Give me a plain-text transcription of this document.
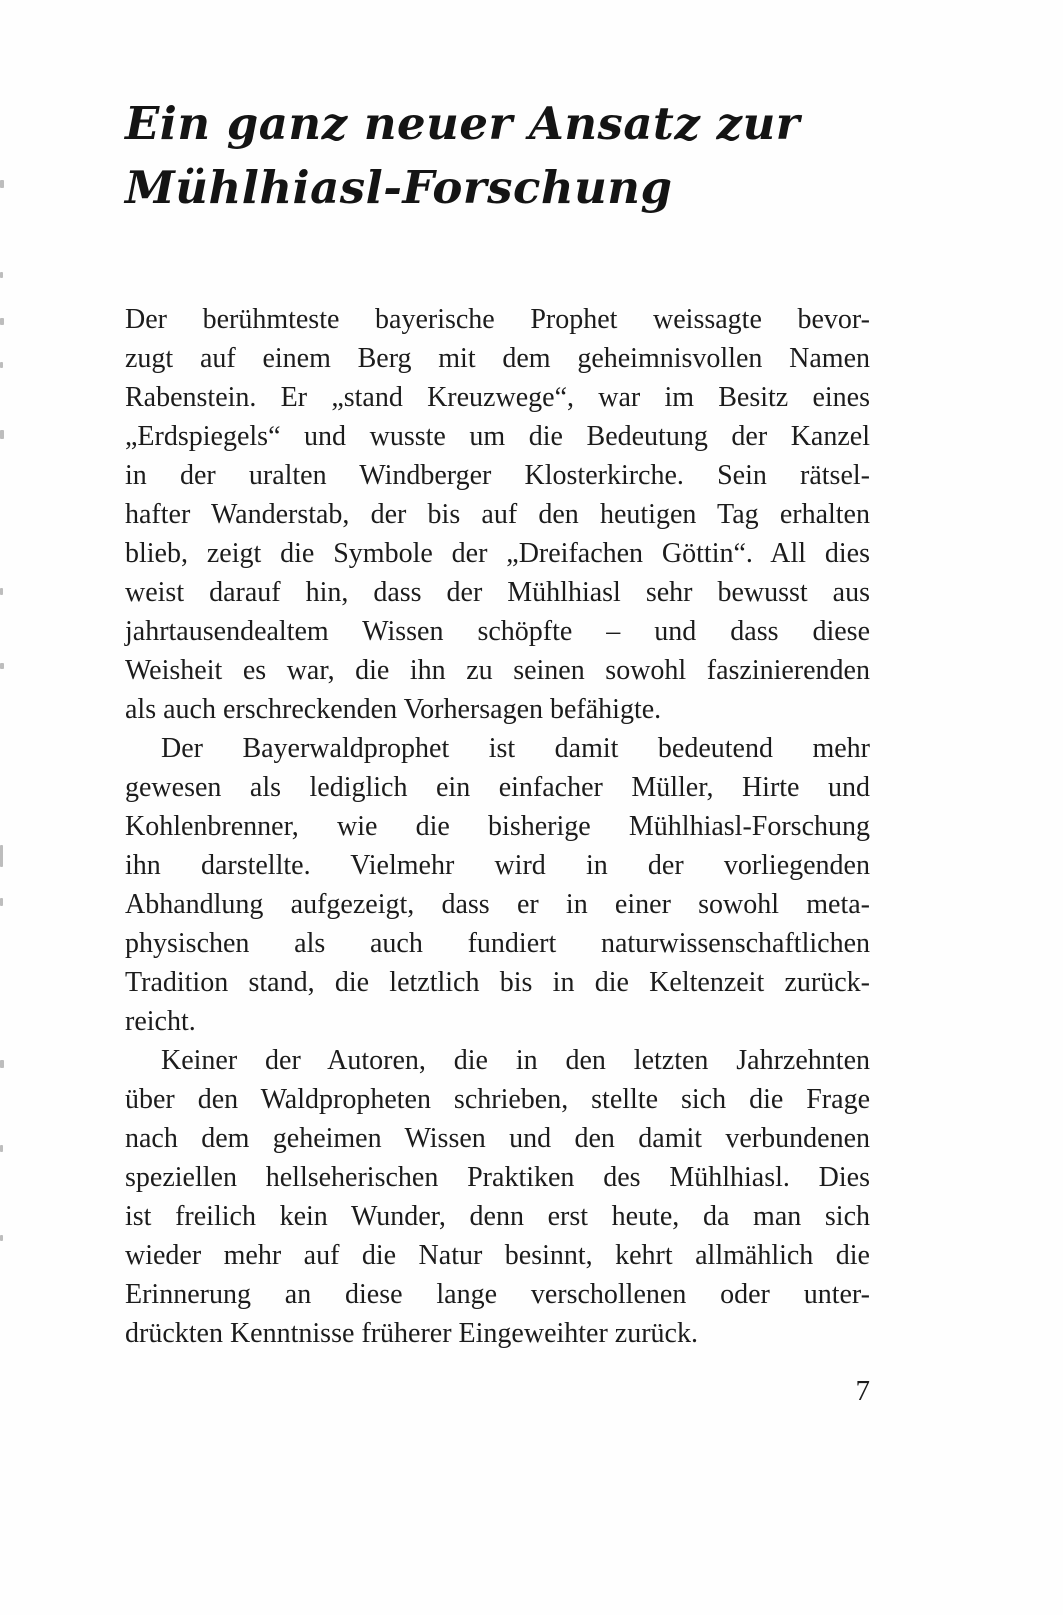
Ein ganz neuer Ansatz zur
Mühlhiasl-Forschung
Der berühmteste bayerische Prophet weissagte bevor-
zugt auf einem Berg mit dem geheimnisvollen Namen
Rabenstein. Er „stand Kreuzwege“, war im Besitz eines
„Erdspiegels“ und wusste um die Bedeutung der Kanzel
in der uralten Windberger Klosterkirche. Sein rätsel-
hafter Wanderstab, der bis auf den heutigen Tag erhalten
blieb, zeigt die Symbole der „Dreifachen Göttin“. All dies
weist darauf hin, dass der Mühlhiasl sehr bewusst aus
jahrtausendealtem Wissen schöpfte – und dass diese
Weisheit es war, die ihn zu seinen sowohl faszinierenden
als auch erschreckenden Vorhersagen befähigte.
Der Bayerwaldprophet ist damit bedeutend mehr
gewesen als lediglich ein einfacher Müller, Hirte und
Kohlenbrenner, wie die bisherige Mühlhiasl-Forschung
ihn darstellte. Vielmehr wird in der vorliegenden
Abhandlung aufgezeigt, dass er in einer sowohl meta-
physischen als auch fundiert naturwissenschaftlichen
Tradition stand, die letztlich bis in die Keltenzeit zurück-
reicht.
Keiner der Autoren, die in den letzten Jahrzehnten
über den Waldpropheten schrieben, stellte sich die Frage
nach dem geheimen Wissen und den damit verbundenen
speziellen hellseherischen Praktiken des Mühlhiasl. Dies
ist freilich kein Wunder, denn erst heute, da man sich
wieder mehr auf die Natur besinnt, kehrt allmählich die
Erinnerung an diese lange verschollenen oder unter-
drückten Kenntnisse früherer Eingeweihter zurück.
7
